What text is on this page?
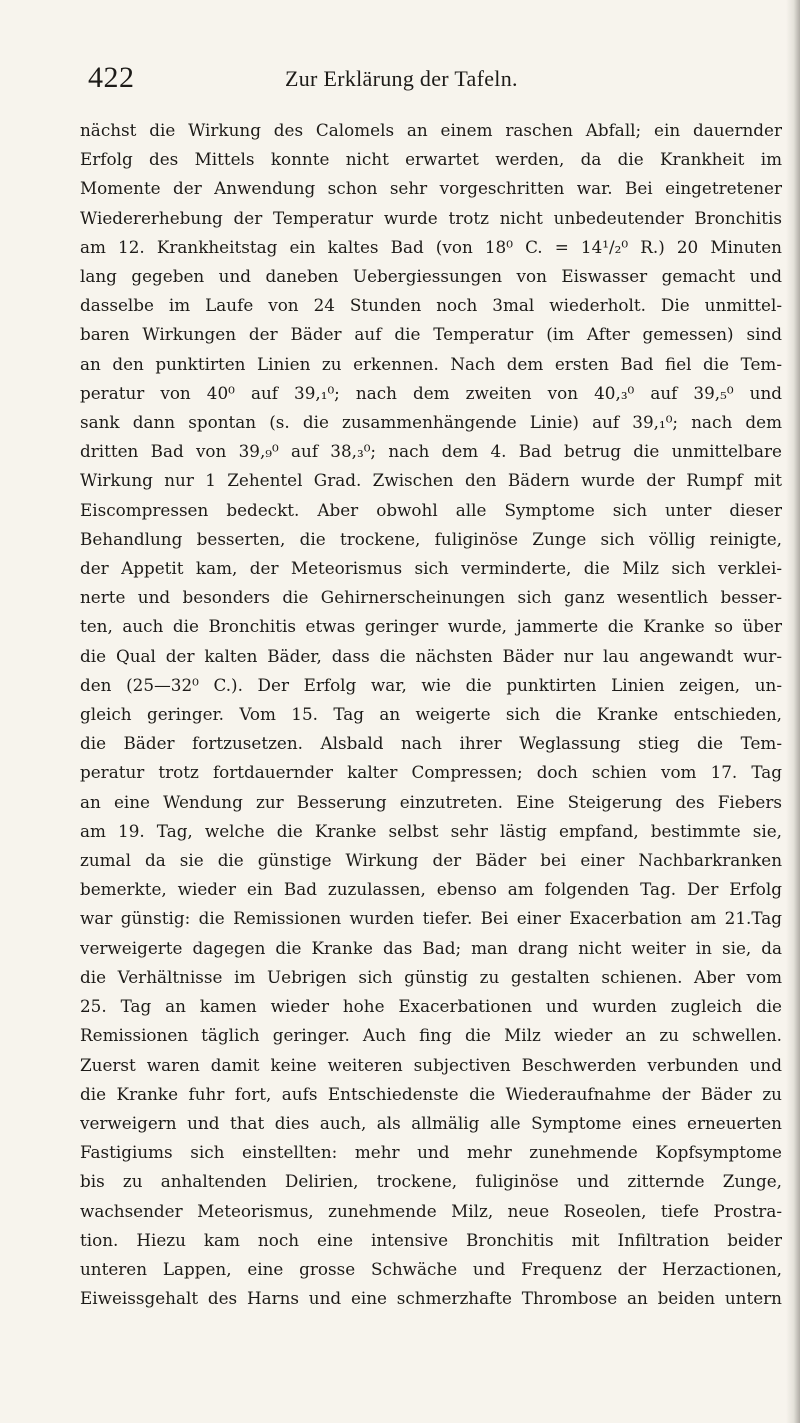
422	Zur Erklärung der Tafeln.

nächst die Wirkung des Calomels an einem raschen Abfall; ein dauernder
Erfolg des Mittels konnte nicht erwartet werden, da die Krankheit im
Momente der Anwendung schon sehr vorgeschritten war. Bei eingetretener
Wiedererhebung der Temperatur wurde trotz nicht unbedeutender Bronchitis
am 12. Krankheitstag ein kaltes Bad (von 18⁰ C. = 14¹/₂⁰ R.) 20 Minuten
lang gegeben und daneben Uebergiessungen von Eiswasser gemacht und
dasselbe im Laufe von 24 Stunden noch 3mal wiederholt. Die unmittel-
baren Wirkungen der Bäder auf die Temperatur (im After gemessen) sind
an den punktirten Linien zu erkennen. Nach dem ersten Bad fiel die Tem-
peratur von 40⁰ auf 39,₁⁰; nach dem zweiten von 40,₃⁰ auf 39,₅⁰ und
sank dann spontan (s. die zusammenhängende Linie) auf 39,₁⁰; nach dem
dritten Bad von 39,₉⁰ auf 38,₃⁰; nach dem 4. Bad betrug die unmittelbare
Wirkung nur 1 Zehentel Grad. Zwischen den Bädern wurde der Rumpf mit
Eiscompressen bedeckt. Aber obwohl alle Symptome sich unter dieser
Behandlung besserten, die trockene, fuliginöse Zunge sich völlig reinigte,
der Appetit kam, der Meteorismus sich verminderte, die Milz sich verklei-
nerte und besonders die Gehirnerscheinungen sich ganz wesentlich besser-
ten, auch die Bronchitis etwas geringer wurde, jammerte die Kranke so über
die Qual der kalten Bäder, dass die nächsten Bäder nur lau angewandt wur-
den (25—32⁰ C.). Der Erfolg war, wie die punktirten Linien zeigen, un-
gleich geringer. Vom 15. Tag an weigerte sich die Kranke entschieden,
die Bäder fortzusetzen. Alsbald nach ihrer Weglassung stieg die Tem-
peratur trotz fortdauernder kalter Compressen; doch schien vom 17. Tag
an eine Wendung zur Besserung einzutreten. Eine Steigerung des Fiebers
am 19. Tag, welche die Kranke selbst sehr lästig empfand, bestimmte sie,
zumal da sie die günstige Wirkung der Bäder bei einer Nachbarkranken
bemerkte, wieder ein Bad zuzulassen, ebenso am folgenden Tag. Der Erfolg
war günstig: die Remissionen wurden tiefer. Bei einer Exacerbation am 21.Tag
verweigerte dagegen die Kranke das Bad; man drang nicht weiter in sie, da
die Verhältnisse im Uebrigen sich günstig zu gestalten schienen. Aber vom
25. Tag an kamen wieder hohe Exacerbationen und wurden zugleich die
Remissionen täglich geringer. Auch fing die Milz wieder an zu schwellen.
Zuerst waren damit keine weiteren subjectiven Beschwerden verbunden und
die Kranke fuhr fort, aufs Entschiedenste die Wiederaufnahme der Bäder zu
verweigern und that dies auch, als allmälig alle Symptome eines erneuerten
Fastigiums sich einstellten: mehr und mehr zunehmende Kopfsymptome
bis zu anhaltenden Delirien, trockene, fuliginöse und zitternde Zunge,
wachsender Meteorismus, zunehmende Milz, neue Roseolen, tiefe Prostra-
tion. Hiezu kam noch eine intensive Bronchitis mit Infiltration beider
unteren Lappen, eine grosse Schwäche und Frequenz der Herzactionen,
Eiweissgehalt des Harns und eine schmerzhafte Thrombose an beiden untern
